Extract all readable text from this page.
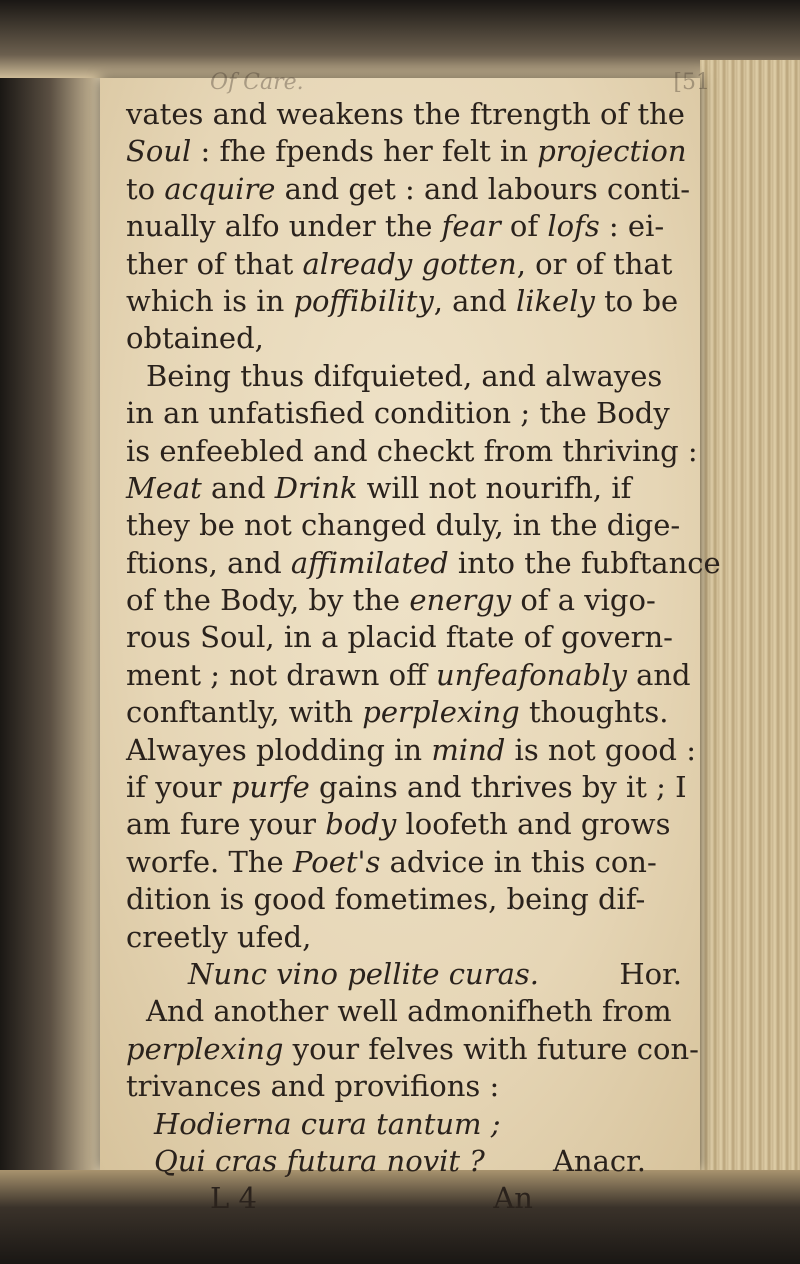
Of Care.	[51
vates and weakens the ftrength of the
Soul : fhe fpends her felt in projection
to acquire and get : and labours conti-
nually alfo under the fear of lofs : ei-
ther of that already gotten, or of that
which is in poffibility, and likely to be
obtained,
Being thus difquieted, and alwayes
in an unfatisfied condition ; the Body
is enfeebled and checkt from thriving :
Meat and Drink will not nourifh, if
they be not changed duly, in the dige-
ftions, and affimilated into the fubftance
of the Body, by the energy of a vigo-
rous Soul, in a placid ftate of govern-
ment ; not drawn off unfeafonably and
conftantly, with perplexing thoughts.
Alwayes plodding in mind is not good :
if your purfe gains and thrives by it ; I
am fure your body loofeth and grows
worfe. The Poet's advice in this con-
dition is good fometimes, being dif-
creetly ufed,
Nunc vino pellite curas.	Hor.
And another well admonifheth from
perplexing your felves with future con-
trivances and provifions :
Hodierna cura tantum ;
Qui cras futura novit ? Anacr.
L 4	An
